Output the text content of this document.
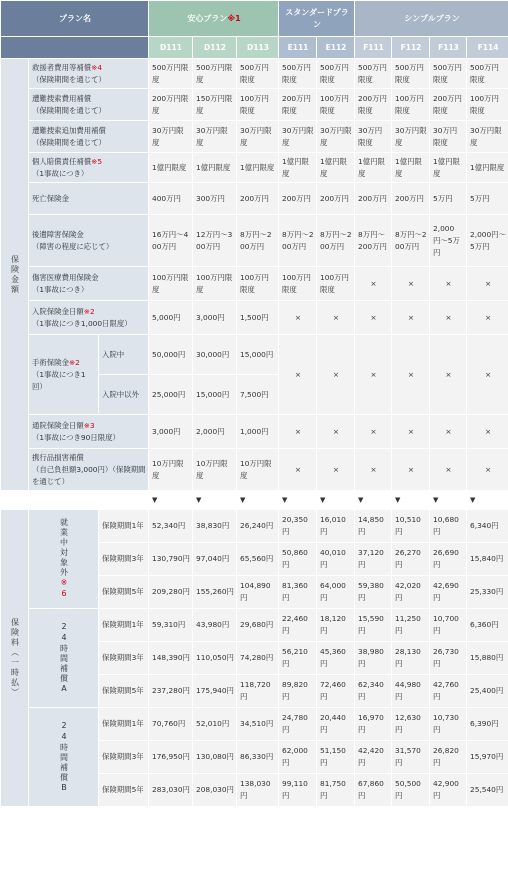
プラン名			安心プラン※1			スタンダードプラン		シンプルプラン			
			D111	D112	D113	E111	E112	F111	F112	F113	F114

保険金額	救援者費用等補償※4
（保険期間を通じて）		500万円限度	500万円限度	500万円限度	500万円限度	500万円限度	500万円限度	500万円限度	500万円限度	500万円限度
	遭難捜索費用補償
（保険期間を通じて）		200万円限度	150万円限度	100万円限度	200万円限度	100万円限度	200万円限度	100万円限度	200万円限度	100万円限度
	遭難捜索追加費用補償
（保険期間を通じて）		30万円限度	30万円限度	30万円限度	30万円限度	30万円限度	30万円限度	30万円限度	30万円限度	30万円限度
	個人賠償責任補償※5
（1事故につき）		1億円限度	1億円限度	1億円限度	1億円限度	1億円限度	1億円限度	1億円限度	1億円限度	1億円限度
	死亡保険金		400万円	300万円	200万円	200万円	200万円	200万円	200万円	5万円	5万円
	後遺障害保険金
（障害の程度に応じて）		16万円〜400万円	12万円〜300万円	8万円〜200万円	8万円〜200万円	8万円〜200万円	8万円〜200万円	8万円〜200万円	2,000円〜5万円	2,000円〜5万円
	傷害医療費用保険金
（1事故につき）		100万円限度	100万円限度	100万円限度	100万円限度	100万円限度	×	×	×	×
	入院保険金日額※2
（1事故につき1,000日限度）		5,000円	3,000円	1,500円	×	×	×	×	×	×
	手術保険金※2
（1事故につき1回）	入院中	50,000円	30,000円	15,000円	×	×	×	×	×	×
		入院中以外	25,000円	15,000円	7,500円						
	通院保険金日額※3
（1事故につき90日限度）		3,000円	2,000円	1,000円	×	×	×	×	×	×
	携行品損害補償
（自己負担額3,000円）（保険期間を通じて）		10万円限度	10万円限度	10万円限度	×	×	×	×	×	×
			▼	▼	▼	▼	▼	▼	▼	▼	▼

保険料（一時払）	就業中対象外※6	保険期間1年	52,340円	38,830円	26,240円	20,350円	16,010円	14,850円	10,510円	10,680円	6,340円
		保険期間3年	130,790円	97,040円	65,560円	50,860円	40,010円	37,120円	26,270円	26,690円	15,840円
		保険期間5年	209,280円	155,260円	104,890円	81,360円	64,000円	59,380円	42,020円	42,690円	25,330円

	24時間補償A	保険期間1年	59,310円	43,980円	29,680円	22,460円	18,120円	15,590円	11,250円	10,700円	6,360円
		保険期間3年	148,390円	110,050円	74,280円	56,210円	45,360円	38,980円	28,130円	26,730円	15,880円
		保険期間5年	237,280円	175,940円	118,720円	89,820円	72,460円	62,340円	44,980円	42,760円	25,400円

	24時間補償B	保険期間1年	70,760円	52,010円	34,510円	24,780円	20,440円	16,970円	12,630円	10,730円	6,390円
		保険期間3年	176,950円	130,080円	86,330円	62,000円	51,150円	42,420円	31,570円	26,820円	15,970円
		保険期間5年	283,030円	208,030円	138,030円	99,110円	81,750円	67,860円	50,500円	42,900円	25,540円
